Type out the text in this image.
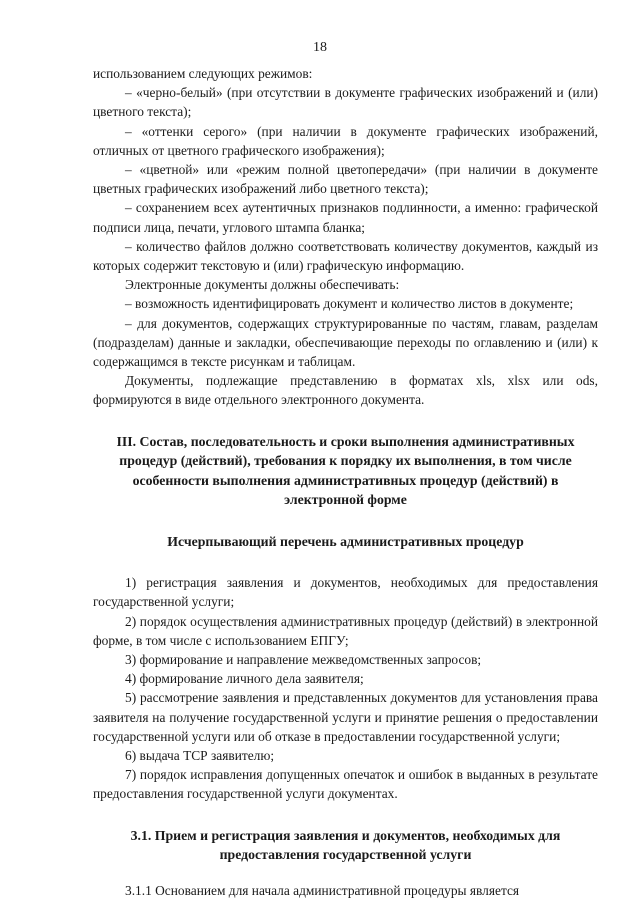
18

использованием следующих режимов:

– «черно-белый» (при отсутствии в документе графических изображений и (или) цветного текста);

– «оттенки серого» (при наличии в документе графических изображений, отличных от цветного графического изображения);

– «цветной» или «режим полной цветопередачи» (при наличии в документе цветных графических изображений либо цветного текста);

– сохранением всех аутентичных признаков подлинности, а именно: графической подписи лица, печати, углового штампа бланка;

– количество файлов должно соответствовать количеству документов, каждый из которых содержит текстовую и (или) графическую информацию.

Электронные документы должны обеспечивать:

– возможность идентифицировать документ и количество листов в документе;

– для документов, содержащих структурированные по частям, главам, разделам (подразделам) данные и закладки, обеспечивающие переходы по оглавлению и (или) к содержащимся в тексте рисункам и таблицам.

Документы, подлежащие представлению в форматах xls, xlsx или ods, формируются в виде отдельного электронного документа.

III. Состав, последовательность и сроки выполнения административных процедур (действий), требования к порядку их выполнения, в том числе особенности выполнения административных процедур (действий) в электронной форме

Исчерпывающий перечень административных процедур

1) регистрация заявления и документов, необходимых для предоставления государственной услуги;

2) порядок осуществления административных процедур (действий) в электронной форме, в том числе с использованием ЕПГУ;

3) формирование и направление межведомственных запросов;

4) формирование личного дела заявителя;

5) рассмотрение заявления и представленных документов для установления права заявителя на получение государственной услуги и принятие решения о предоставлении государственной услуги или об отказе в предоставлении государственной услуги;

6) выдача ТСР заявителю;

7) порядок исправления допущенных опечаток и ошибок в выданных в результате предоставления государственной услуги документах.

3.1. Прием и регистрация заявления и документов, необходимых для предоставления государственной услуги

3.1.1 Основанием для начала административной процедуры является
